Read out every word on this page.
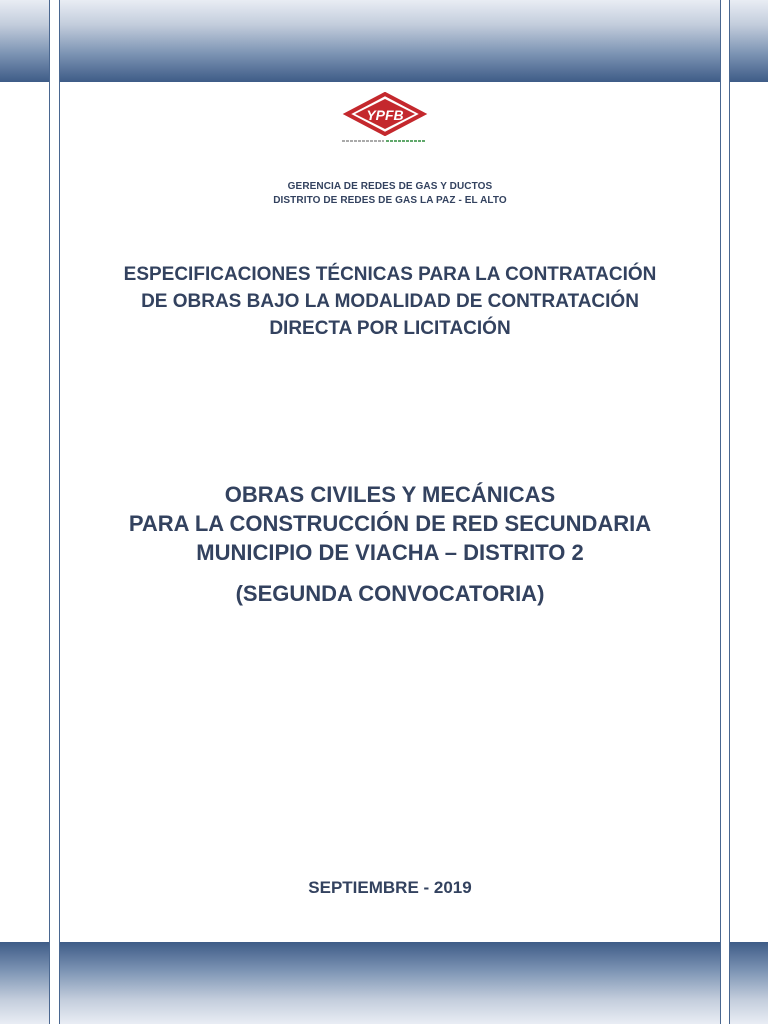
YPFB

GERENCIA DE REDES DE GAS Y DUCTOS

DISTRITO DE REDES DE GAS LA PAZ - EL ALTO

ESPECIFICACIONES TÉCNICAS PARA LA CONTRATACIÓN

DE OBRAS BAJO LA MODALIDAD DE CONTRATACIÓN

DIRECTA POR LICITACIÓN

OBRAS CIVILES Y MECÁNICAS

PARA LA CONSTRUCCIÓN DE RED SECUNDARIA

MUNICIPIO DE VIACHA – DISTRITO 2

(SEGUNDA CONVOCATORIA)

SEPTIEMBRE - 2019
